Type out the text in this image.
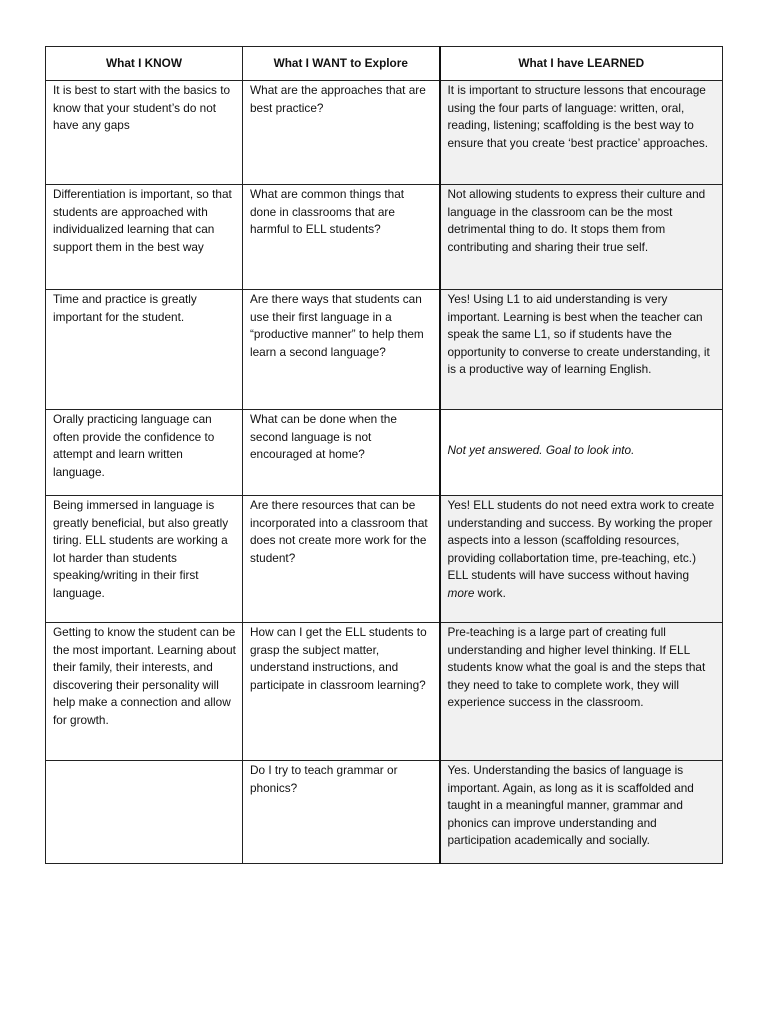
What I KNOW	What I WANT to Explore	What I have LEARNED
It is best to start with the basics to know that your student’s do not have any gaps	What are the approaches that are best practice?	It is important to structure lessons that encourage using the four parts of language: written, oral, reading, listening; scaffolding is the best way to ensure that you create ‘best practice’ approaches.
Differentiation is important, so that students are approached with individualized learning that can support them in the best way	What are common things that done in classrooms that are harmful to ELL students?	Not allowing students to express their culture and language in the classroom can be the most detrimental thing to do. It stops them from contributing and sharing their true self.
Time and practice is greatly important for the student.	Are there ways that students can use their first language in a “productive manner” to help them learn a second language?	Yes! Using L1 to aid understanding is very important. Learning is best when the teacher can speak the same L1, so if students have the opportunity to converse to create understanding, it is a productive way of learning English.
Orally practicing language can often provide the confidence to attempt and learn written language.	What can be done when the second language is not encouraged at home?	Not yet answered. Goal to look into.
Being immersed in language is greatly beneficial, but also greatly tiring. ELL students are working a lot harder than students speaking/writing in their first language.	Are there resources that can be incorporated into a classroom that does not create more work for the student?	Yes! ELL students do not need extra work to create understanding and success. By working the proper aspects into a lesson (scaffolding resources, providing collabortation time, pre-teaching, etc.) ELL students will have success without having more work.
Getting to know the student can be the most important. Learning about their family, their interests, and discovering their personality will help make a connection and allow for growth.	How can I get the ELL students to grasp the subject matter, understand instructions, and participate in classroom learning?	Pre-teaching is a large part of creating full understanding and higher level thinking. If ELL students know what the goal is and the steps that they need to take to complete work, they will experience success in the classroom.
	Do I try to teach grammar or phonics?	Yes. Understanding the basics of language is important. Again, as long as it is scaffolded and taught in a meaningful manner, grammar and phonics can improve understanding and participation academically and socially.
